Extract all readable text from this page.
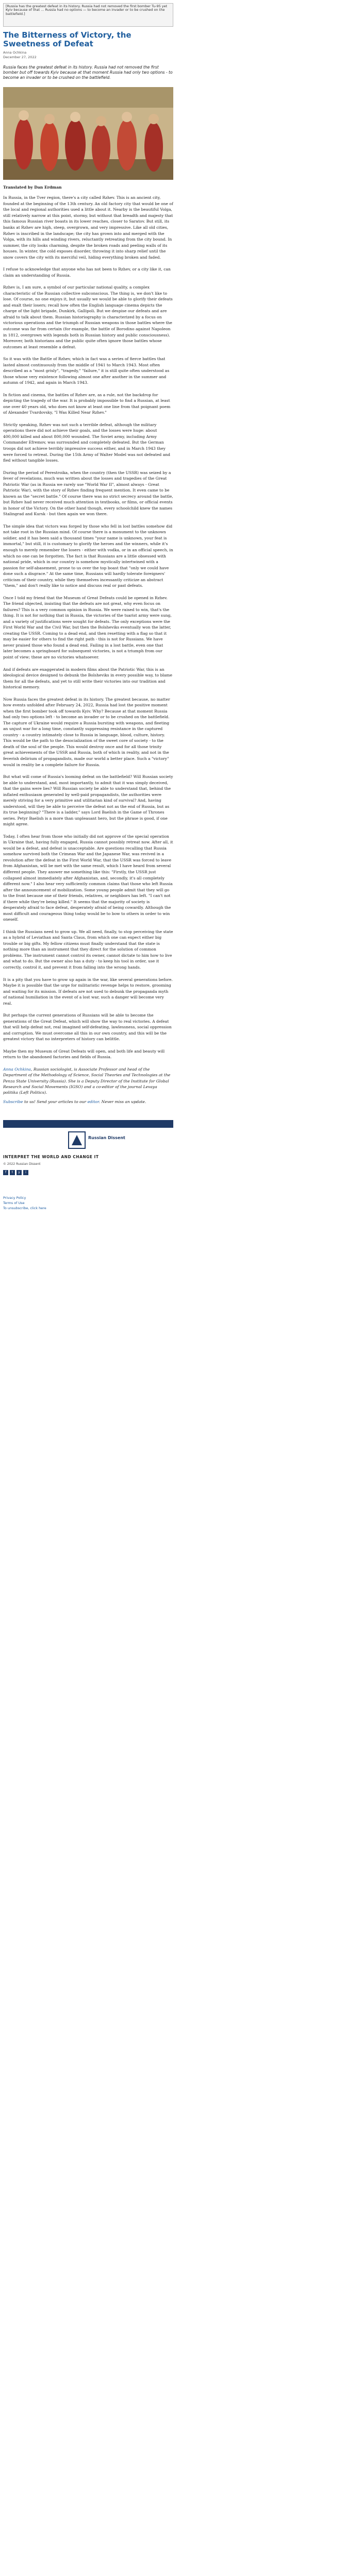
[Russia has the greatest defeat in its history. Russia had not removed the first bomber Tu-95 yet Kyiv because of that ... Russia had no options — to become an invader or to be crushed on the battlefield.]
The Bitterness of Victory, the Sweetness of Defeat
Anna Ochkina
December 27, 2022
Russia faces the greatest defeat in its history. Russia had not removed the first bomber but off towards Kyiv because at that moment Russia had only two options - to become an invader or to be crushed on the battlefield.
Translated by Dan Erdman

In Russia, in the Tver region, there's a city called Rzhev. This is an ancient city, founded at the beginning of the 13th century. An old factory city that would be one of the local and regional authorities used a little about it. Nearby is the beautiful Volga, still relatively narrow at this point, stormy, but without that breadth and majesty that this famous Russian river boasts in its lower reaches, closer to Saratov. But still, its banks at Rzhev are high, steep, overgrown, and very impressive. Like all old cities, Rzhev is inscribed in the landscape; the city has grown into and merged with the Volga, with its hills and winding rivers, reluctantly retreating from the city bound. In summer, the city looks charming, despite the broken roads and peeling walls of its houses. In winter, the cold exposes disorder, throwing it into sharp relief until the snow covers the city with its merciful veil, hiding everything broken and faded.

I refuse to acknowledge that anyone who has not been to Rzhev, or a city like it, can claim an understanding of Russia.

Rzhev is, I am sure, a symbol of our particular national quality, a complex characteristic of the Russian collective subconscious. The thing is, we don't like to lose. Of course, no one enjoys it, but usually we would be able to glorify their defeats and exalt their losers; recall how often the English language cinema depicts the charge of the light brigade, Dunkirk, Gallipoli. But we despise our defeats and are afraid to talk about them. Russian historiography is characterized by a focus on victorious operations and the triumph of Russian weapons in those battles where the outcome was far from certain (for example, the battle of Borodino against Napoleon in 1812, overgrown with legends both in Russian history and public consciousness). Moreover, both historians and the public quite often ignore those battles whose outcomes at least resemble a defeat.

So it was with the Battle of Rzhev, which in fact was a series of fierce battles that lasted almost continuously from the middle of 1941 to March 1943. Most often described as a "most grisly", "tragedy," "failure," it is still quite often understood as those whose very existence following almost one after another in the summer and autumn of 1942, and again in March 1943.

In fiction and cinema, the battles of Rzhev are, as a rule, not the backdrop for depicting the tragedy of the war. It is probably impossible to find a Russian, at least one over 40 years old, who does not know at least one line from that poignant poem of Alexander Tvardovsky, "I Was Killed Near Rzhev."

Strictly speaking, Rzhev was not such a terrible defeat, although the military operations there did not achieve their goals, and the losses were huge: about 400,000 killed and about 800,000 wounded. The Soviet army, including Army Commander Efremov, was surrounded and completely defeated. But the German troops did not achieve terribly impressive success either, and in March 1943 they were forced to retreat. During the 15th Army of Walter Model was not defeated and fled without tangible losses.

During the period of Perestroika, when the country (then the USSR) was seized by a fever of revelations, much was written about the losses and tragedies of the Great Patriotic War (as in Russia we rarely use "World War II", almost always - Great Patriotic War), with the story of Rzhev finding frequent mention. It even came to be known as the "secret battle." Of course there was no strict secrecy around the battle, but Rzhev had never received much attention in textbooks, or films, or official events in honor of the Victory. On the other hand though, every schoolchild knew the names Stalingrad and Kursk - but then again we won there.

The simple idea that victors was forged by those who fell in lost battles somehow did not take root in the Russian mind. Of course there is a monument to the unknown soldier, and it has been said a thousand times "your name is unknown, your feat is immortal," but still, it is customary to glorify the heroes and the winners, while it's enough to merely remember the losers - either with vodka, or in an official speech, in which no one can be forgotten. The fact is that Russians are a little obsessed with national pride, which in our country is somehow mystically intertwined with a passion for self-abasement, prone to us over the top boast that "only we could have done such a disgrace." At the same time, Russians will hardly tolerate foreigners' criticism of their country, while they themselves incessantly criticize an abstract "them," and don't really like to notice and discuss real or past defeats.

Once I told my friend that the Museum of Great Defeats could be opened in Rzhev. The friend objected, insisting that the defeats are not great, why even focus on failures? This is a very common opinion in Russia. We were raised to win, that's the thing. It is not for nothing that in Russia, the victories of the tsarist army were sung, and a variety of justifications were sought for defeats. The only exceptions were the First World War and the Civil War, but then the Bolsheviks eventually won the latter, creating the USSR. Coming to a dead end, and then resetting with a flag so that it may be easier for others to find the right path - this is not for Russians. We have never praised those who found a dead end. Failing in a lost battle, even one that later becomes a springboard for subsequent victories, is not a triumph from our point of view; these are no victories whatsoever.

And if defeats are exaggerated in modern films about the Patriotic War, this is an ideological device designed to debunk the Bolsheviks in every possible way, to blame them for all the defeats, and yet to still write their victories into our tradition and historical memory.

Now Russia faces the greatest defeat in its history. The greatest because, no matter how events unfolded after February 24, 2022, Russia had lost the positive moment when the first bomber took off towards Kyiv. Why? Because at that moment Russia had only two options left - to become an invader or to be crushed on the battlefield. The capture of Ukraine would require a Russia bursting with weapons, and fleeting an unjust war for a long time, constantly suppressing resistance in the captured country - a country intimately close to Russia in language, blood, culture, history. This would be the path to the desocialization of the sweet core of society - to the death of the soul of the people. This would destroy once and for all those trinity great achievements of the USSR and Russia, both of which in reality, and not in the feverish delirium of propagandists, made our world a better place. Such a "victory" would in reality be a complete failure for Russia.

But what will come of Russia's looming defeat on the battlefield? Will Russian society be able to understand, and, most importantly, to admit that it was simply deceived, that the gains were lies? Will Russian society be able to understand that, behind the inflated enthusiasm generated by well-paid propagandists, the authorities were merely striving for a very primitive and utilitarian kind of survival? And, having understood, will they be able to perceive the defeat not as the end of Russia, but as its true beginning? "There is a ladder," says Lord Baelish in the Game of Thrones series. Petyr Baelish is a more than unpleasant hero, but the phrase is good, if one might agree.

Today, I often hear from those who initially did not approve of the special operation in Ukraine that, having fully engaged, Russia cannot possibly retreat now. After all, it would be a defeat, and defeat is unacceptable. Are questions recalling that Russia somehow survived both the Crimean War and the Japanese War, was revived in a revolution after the defeat in the First World War, that the USSR was forced to leave from Afghanistan, will be met with the same result, which I have heard from several different people. They answer me something like this: "Firstly, the USSR just collapsed almost immediately after Afghanistan, and, secondly, it's all completely different now." I also hear very sufficiently common claims that those who left Russia after the announcement of mobilization. Some young people admit that they will go to the front because one of their friends, relatives, or neighbors has left. "I can't not if there while they're being killed." It seems that the majority of society is desperately afraid to face defeat, desperately afraid of being cowardly. Although the most difficult and courageous thing today would be to bow to others in order to win oneself.

I think the Russians need to grow up. We all need, finally, to stop perceiving the state as a hybrid of Leviathan and Santa Claus, from which one can expect either big trouble or big gifts. My fellow citizens must finally understand that the state is nothing more than an instrument that they direct for the solution of common problems. The instrument cannot control its owner, cannot dictate to him how to live and what to do. But the owner also has a duty - to keep his tool in order, use it correctly, control it, and prevent it from falling into the wrong hands.

It is a pity that you have to grow up again in the war, like several generations before. Maybe it is possible that the urge for militaristic revenge helps to restore, grooming and waiting for its mission. If defeats are not used to debunk the propaganda myth of national humiliation in the event of a lost war, such a danger will become very real.

But perhaps the current generations of Russians will be able to become the generations of the Great Defeat, which will show the way to real victories. A defeat that will help defeat not, real imagined self-defeating, lawlessness, social oppression and corruption. We must overcome all this in our own country, and this will be the greatest victory that no interpreters of history can belittle.

Maybe then my Museum of Great Defeats will open, and both life and beauty will return to the abandoned factories and fields of Russia.

Anna Ochkina, Russian sociologist, is Associate Professor and head of the Department of the Methodology of Science, Social Theories and Technologies at the Penza State University (Russia). She is a Deputy Director of the Institute for Global Research and Social Movements (IGSO) and a co-editor of the journal Levaya politika (Left Politics).
Subscribe to us! Send your articles to our editor. Never miss an update.
Russian Dissent
INTERPRET THE WORLD AND CHANGE IT
© 2022 Russian Dissent
f	t	y	i
Privacy Policy
Terms of Use
To unsubscribe, click here
